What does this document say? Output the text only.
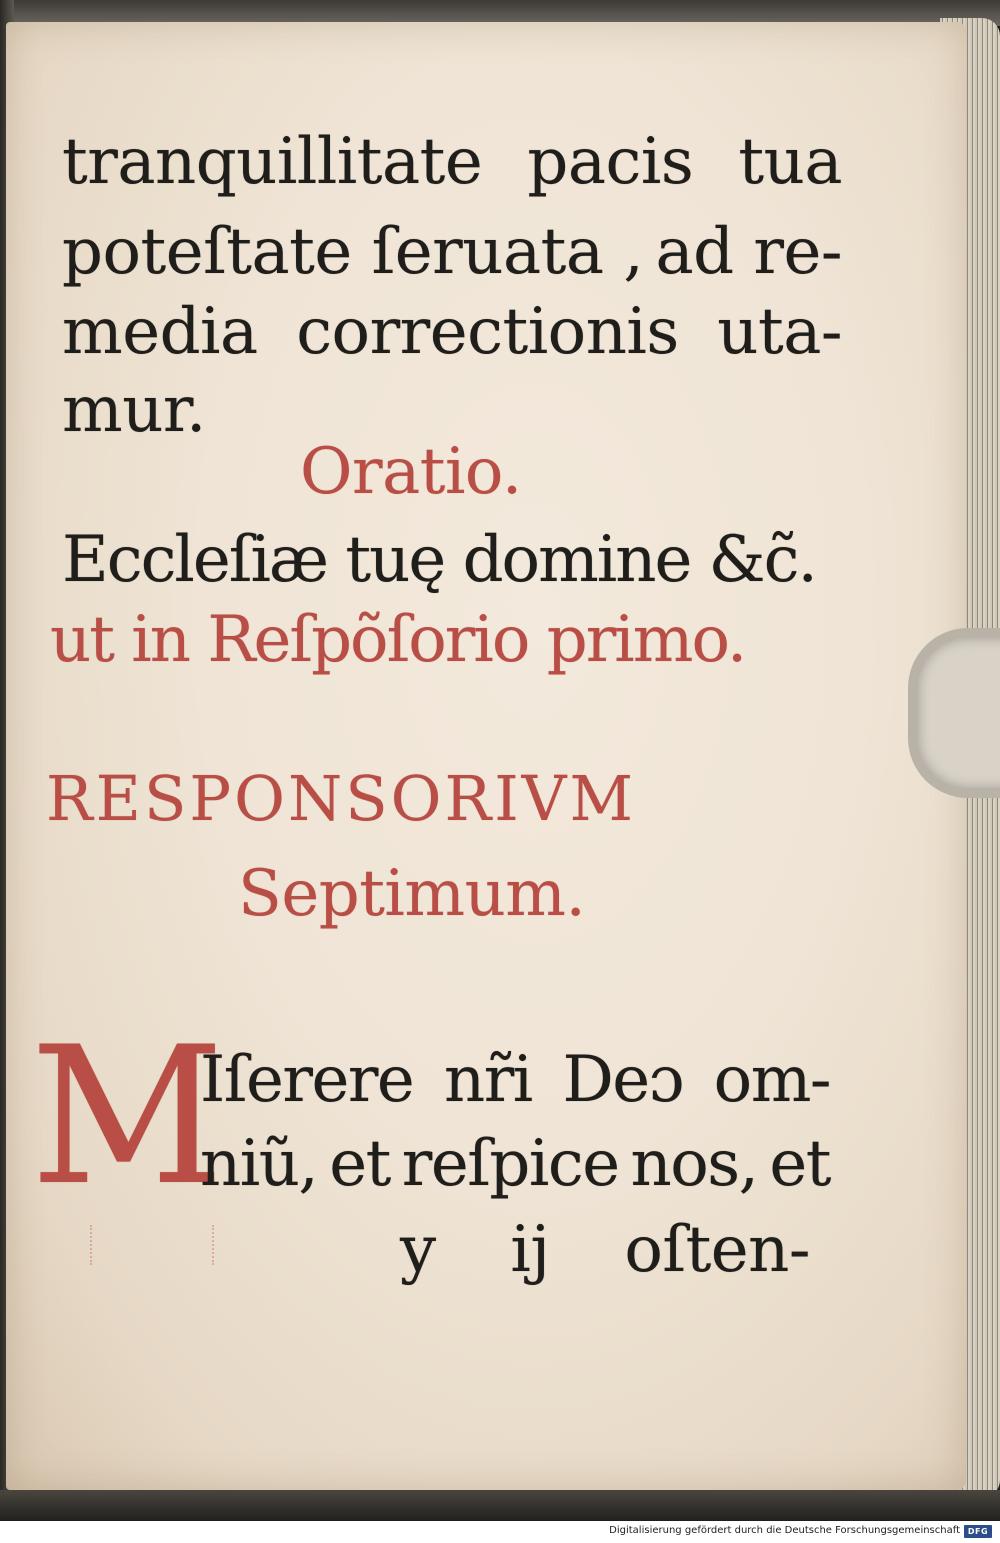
tranquillitate pacis tua
poteſtate ſeruata , ad re-
media correctionis uta-
mur.
Oratio.
Eccleſiæ tuę domine &c̃.
ut in Reſpõſorio primo.
RESPONSORIVM
Septimum.
M
Iſerere nr̃i Deɔ om-
niũ, et reſpice nos, et
y ij oſten-
Digitalisierung gefördert durch die Deutsche Forschungsgemeinschaft DFG
